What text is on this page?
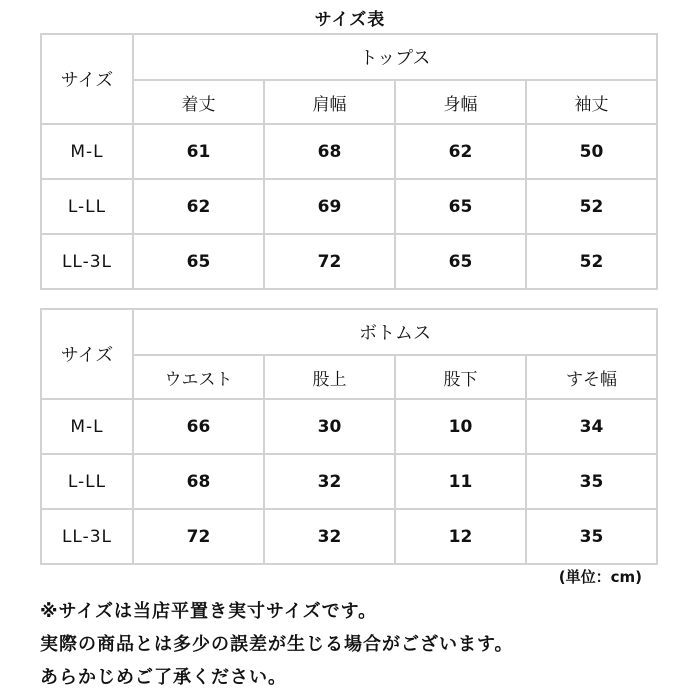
サイズ表
サイズ	トップス			
	着丈	肩幅	身幅	袖丈
M-L	61	68	62	50
L-LL	62	69	65	52
LL-3L	65	72	65	52
サイズ	ボトムス			
	ウエスト	股上	股下	すそ幅
M-L	66	30	10	34
L-LL	68	32	11	35
LL-3L	72	32	12	35
(単位：cm)
※サイズは当店平置き実寸サイズです。
実際の商品とは多少の誤差が生じる場合がございます。
あらかじめご了承ください。
